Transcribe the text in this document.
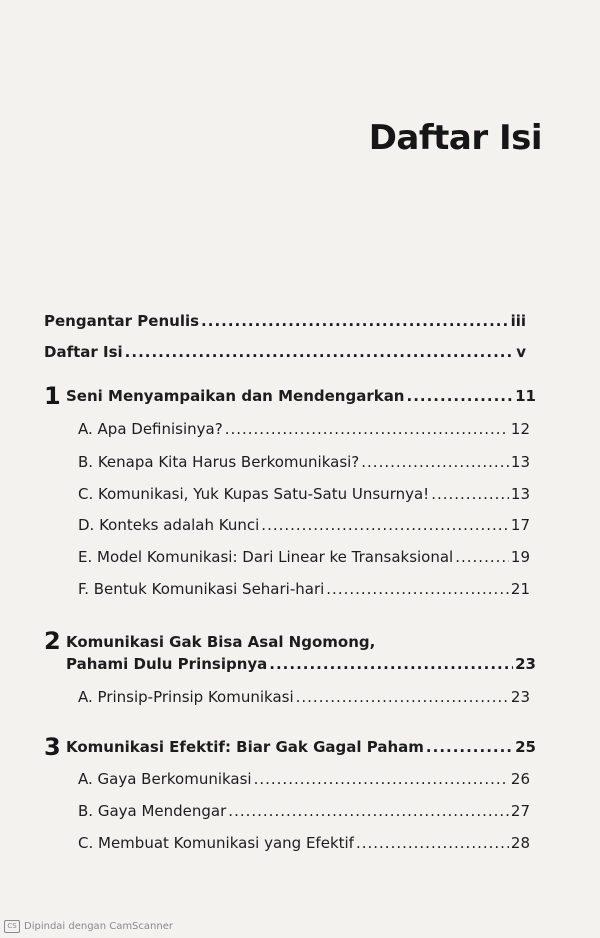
Daftar Isi
Pengantar Penulis .....	iii
Daftar Isi .....	v
1 Seni Menyampaikan dan Mendengarkan .....	11
A. Apa Definisinya? .....	12
B. Kenapa Kita Harus Berkomunikasi? .....	13
C. Komunikasi, Yuk Kupas Satu-Satu Unsurnya! .....	13
D. Konteks adalah Kunci .....	17
E. Model Komunikasi: Dari Linear ke Transaksional .....	19
F. Bentuk Komunikasi Sehari-hari .....	21
2 Komunikasi Gak Bisa Asal Ngomong,
Pahami Dulu Prinsipnya .....	23
A. Prinsip-Prinsip Komunikasi .....	23
3 Komunikasi Efektif: Biar Gak Gagal Paham .....	25
A. Gaya Berkomunikasi .....	26
B. Gaya Mendengar .....	27
C. Membuat Komunikasi yang Efektif .....	28
CS Dipindai dengan CamScanner
